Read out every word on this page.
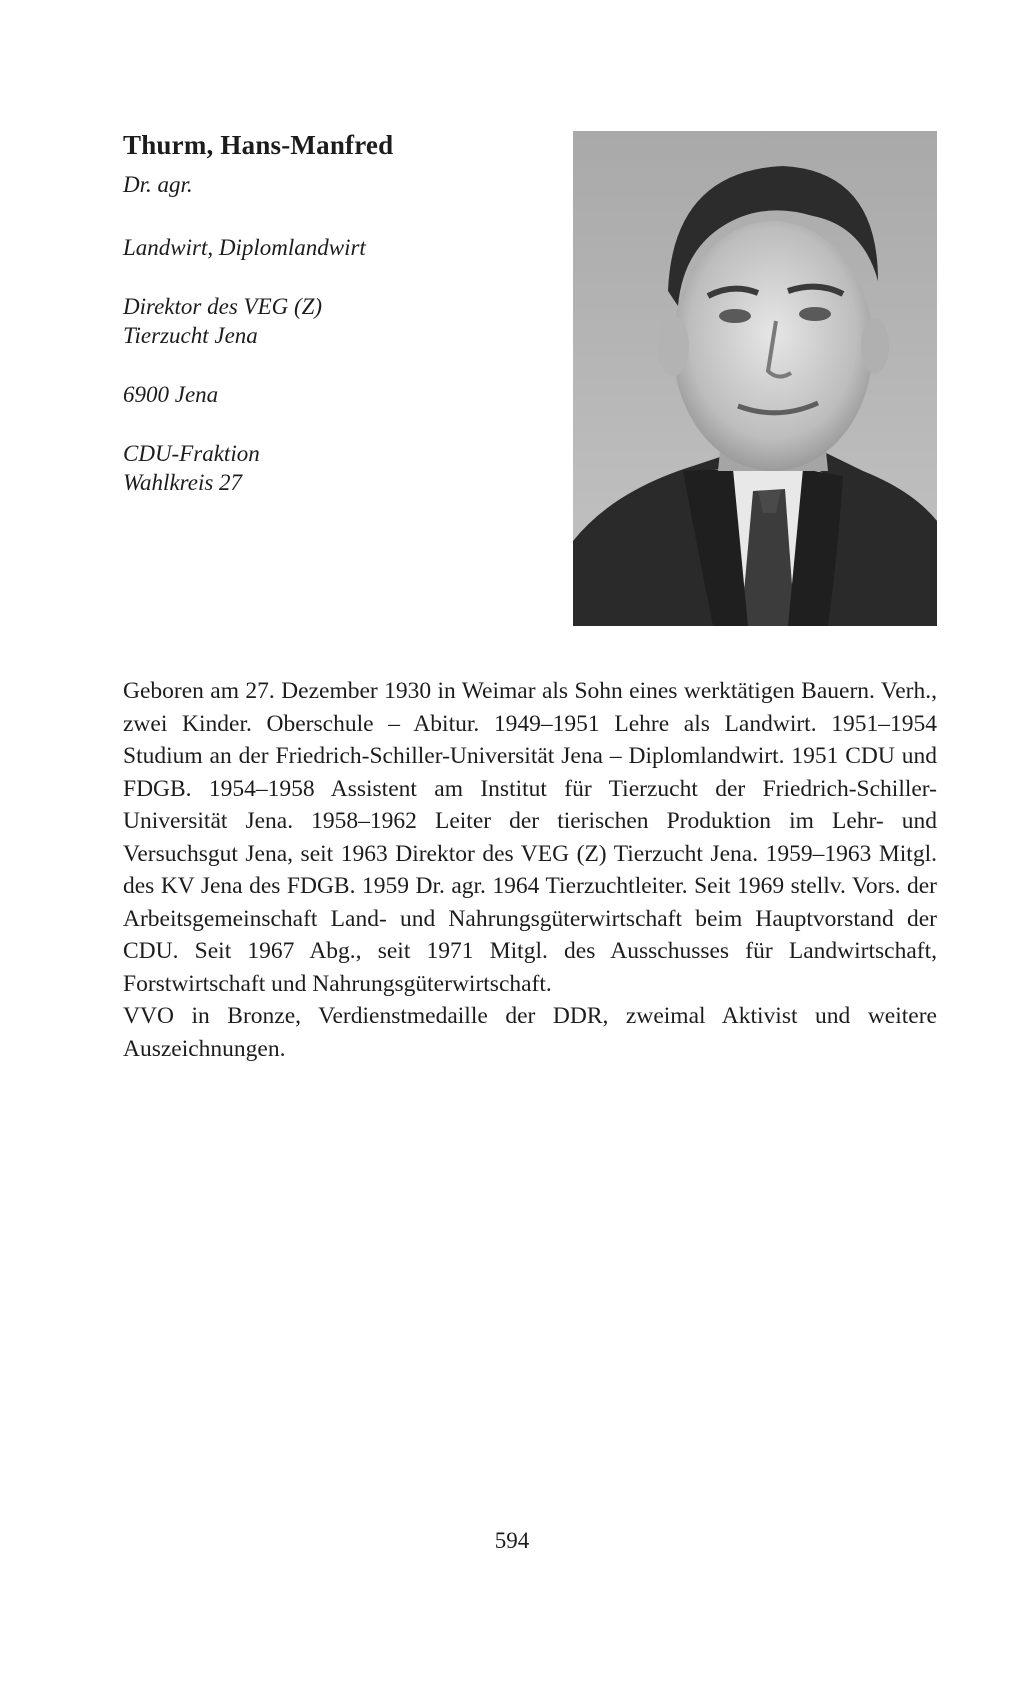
Thurm, Hans-Manfred
Dr. agr.
Landwirt, Diplomlandwirt
Direktor des VEG (Z)
Tierzucht Jena
6900 Jena
CDU-Fraktion
Wahlkreis 27

Geboren am 27. Dezember 1930 in Weimar als Sohn eines werktätigen Bauern. Verh., zwei Kinder. Oberschule – Abitur. 1949–1951 Lehre als Landwirt. 1951–1954 Studium an der Friedrich-Schiller-Universität Jena – Diplomlandwirt. 1951 CDU und FDGB. 1954–1958 Assistent am Institut für Tierzucht der Friedrich-Schiller-Universität Jena. 1958–1962 Leiter der tierischen Produktion im Lehr- und Versuchsgut Jena, seit 1963 Direktor des VEG (Z) Tierzucht Jena. 1959–1963 Mitgl. des KV Jena des FDGB. 1959 Dr. agr. 1964 Tierzuchtleiter. Seit 1969 stellv. Vors. der Arbeitsgemeinschaft Land- und Nahrungsgüterwirtschaft beim Hauptvorstand der CDU. Seit 1967 Abg., seit 1971 Mitgl. des Ausschusses für Landwirtschaft, Forstwirtschaft und Nahrungsgüterwirtschaft.

VVO in Bronze, Verdienstmedaille der DDR, zweimal Aktivist und weitere Auszeichnungen.

594
